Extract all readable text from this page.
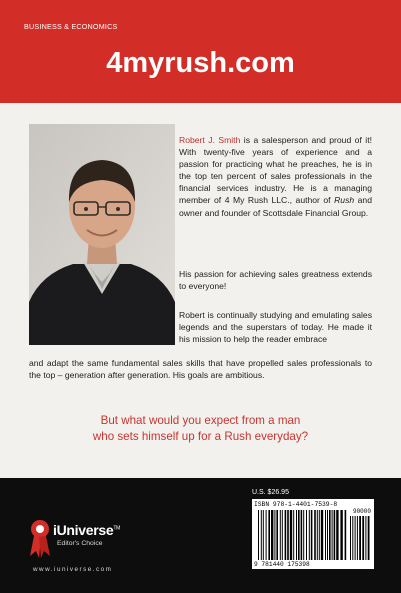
BUSINESS & ECONOMICS
4myrush.com
Robert J. Smith is a salesperson and proud of it! With twenty-five years of experience and a passion for practicing what he preaches, he is in the top ten percent of sales professionals in the financial services industry. He is a managing member of 4 My Rush LLC., author of Rush and owner and founder of Scottsdale Financial Group.
His passion for achieving sales greatness extends to everyone!
Robert is continually studying and emulating sales legends and the superstars of today. He made it his mission to help the reader embrace
and adapt the same fundamental sales skills that have propelled sales professionals to the top – generation after generation. His goals are ambitious.
But what would you expect from a man
who sets himself up for a Rush everyday?
U.S. $26.95
ISBN 978-1-4401-7539-8
90000
9 781440 175398
iUniverse™
Editor's Choice
www.iuniverse.com
